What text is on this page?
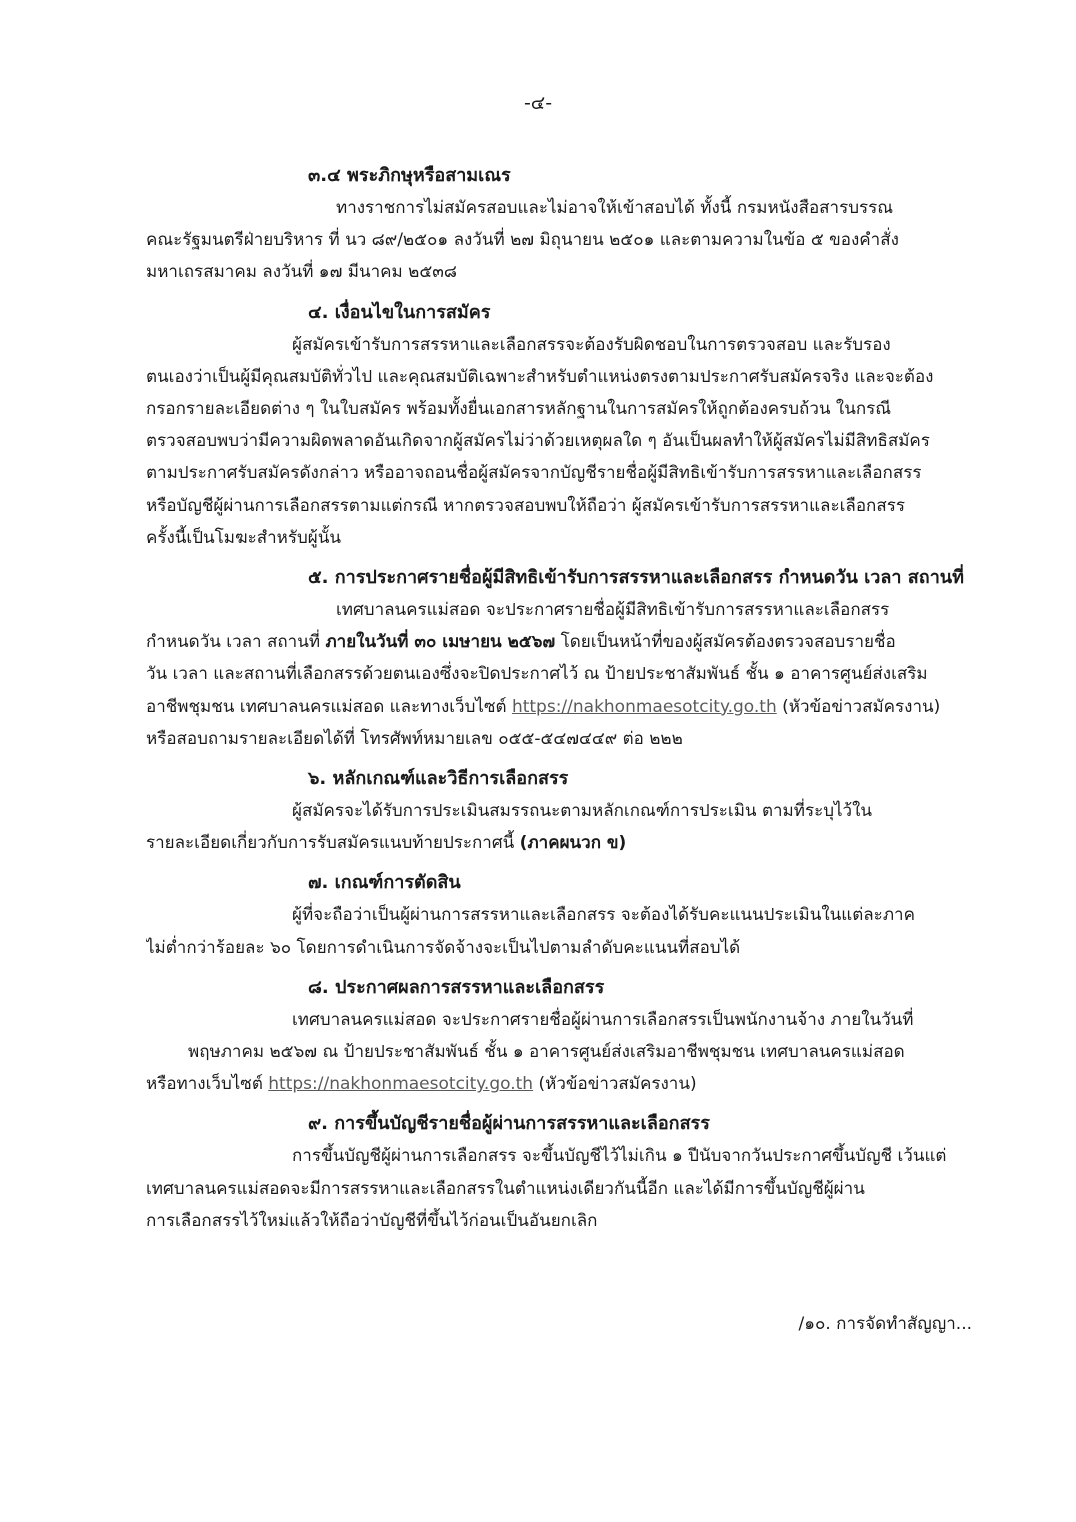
-๔-
๓.๔ พระภิกษุหรือสามเณร
ทางราชการไม่สมัครสอบและไม่อาจให้เข้าสอบได้ ทั้งนี้ กรมหนังสือสารบรรณ
คณะรัฐมนตรีฝ่ายบริหาร ที่ นว ๘๙/๒๕๐๑ ลงวันที่ ๒๗ มิถุนายน ๒๕๐๑ และตามความในข้อ ๕ ของคำสั่ง
มหาเถรสมาคม ลงวันที่ ๑๗ มีนาคม ๒๕๓๘
๔. เงื่อนไขในการสมัคร
ผู้สมัครเข้ารับการสรรหาและเลือกสรรจะต้องรับผิดชอบในการตรวจสอบ และรับรอง
ตนเองว่าเป็นผู้มีคุณสมบัติทั่วไป และคุณสมบัติเฉพาะสำหรับตำแหน่งตรงตามประกาศรับสมัครจริง และจะต้อง
กรอกรายละเอียดต่าง ๆ ในใบสมัคร พร้อมทั้งยื่นเอกสารหลักฐานในการสมัครให้ถูกต้องครบถ้วน ในกรณี
ตรวจสอบพบว่ามีความผิดพลาดอันเกิดจากผู้สมัครไม่ว่าด้วยเหตุผลใด ๆ อันเป็นผลทำให้ผู้สมัครไม่มีสิทธิสมัคร
ตามประกาศรับสมัครดังกล่าว หรืออาจถอนชื่อผู้สมัครจากบัญชีรายชื่อผู้มีสิทธิเข้ารับการสรรหาและเลือกสรร
หรือบัญชีผู้ผ่านการเลือกสรรตามแต่กรณี หากตรวจสอบพบให้ถือว่า ผู้สมัครเข้ารับการสรรหาและเลือกสรร
ครั้งนี้เป็นโมฆะสำหรับผู้นั้น
๕. การประกาศรายชื่อผู้มีสิทธิเข้ารับการสรรหาและเลือกสรร กำหนดวัน เวลา สถานที่
เทศบาลนครแม่สอด จะประกาศรายชื่อผู้มีสิทธิเข้ารับการสรรหาและเลือกสรร
กำหนดวัน เวลา สถานที่ ภายในวันที่ ๓๐ เมษายน ๒๕๖๗ โดยเป็นหน้าที่ของผู้สมัครต้องตรวจสอบรายชื่อ
วัน เวลา และสถานที่เลือกสรรด้วยตนเองซึ่งจะปิดประกาศไว้ ณ ป้ายประชาสัมพันธ์ ชั้น ๑ อาคารศูนย์ส่งเสริม
อาชีพชุมชน เทศบาลนครแม่สอด และทางเว็บไซต์ https://nakhonmaesotcity.go.th (หัวข้อข่าวสมัครงาน)
หรือสอบถามรายละเอียดได้ที่ โทรศัพท์หมายเลข ๐๕๕-๕๔๗๔๔๙ ต่อ ๒๒๒
๖. หลักเกณฑ์และวิธีการเลือกสรร
ผู้สมัครจะได้รับการประเมินสมรรถนะตามหลักเกณฑ์การประเมิน ตามที่ระบุไว้ใน
รายละเอียดเกี่ยวกับการรับสมัครแนบท้ายประกาศนี้ (ภาคผนวก ข)
๗. เกณฑ์การตัดสิน
ผู้ที่จะถือว่าเป็นผู้ผ่านการสรรหาและเลือกสรร จะต้องได้รับคะแนนประเมินในแต่ละภาค
ไม่ต่ำกว่าร้อยละ ๖๐ โดยการดำเนินการจัดจ้างจะเป็นไปตามลำดับคะแนนที่สอบได้
๘. ประกาศผลการสรรหาและเลือกสรร
เทศบาลนครแม่สอด จะประกาศรายชื่อผู้ผ่านการเลือกสรรเป็นพนักงานจ้าง ภายในวันที่
พฤษภาคม ๒๕๖๗ ณ ป้ายประชาสัมพันธ์ ชั้น ๑ อาคารศูนย์ส่งเสริมอาชีพชุมชน เทศบาลนครแม่สอด
หรือทางเว็บไซต์ https://nakhonmaesotcity.go.th (หัวข้อข่าวสมัครงาน)
๙. การขึ้นบัญชีรายชื่อผู้ผ่านการสรรหาและเลือกสรร
การขึ้นบัญชีผู้ผ่านการเลือกสรร จะขึ้นบัญชีไว้ไม่เกิน ๑ ปีนับจากวันประกาศขึ้นบัญชี เว้นแต่
เทศบาลนครแม่สอดจะมีการสรรหาและเลือกสรรในตำแหน่งเดียวกันนี้อีก และได้มีการขึ้นบัญชีผู้ผ่าน
การเลือกสรรไว้ใหม่แล้วให้ถือว่าบัญชีที่ขึ้นไว้ก่อนเป็นอันยกเลิก
/๑๐. การจัดทำสัญญา...
